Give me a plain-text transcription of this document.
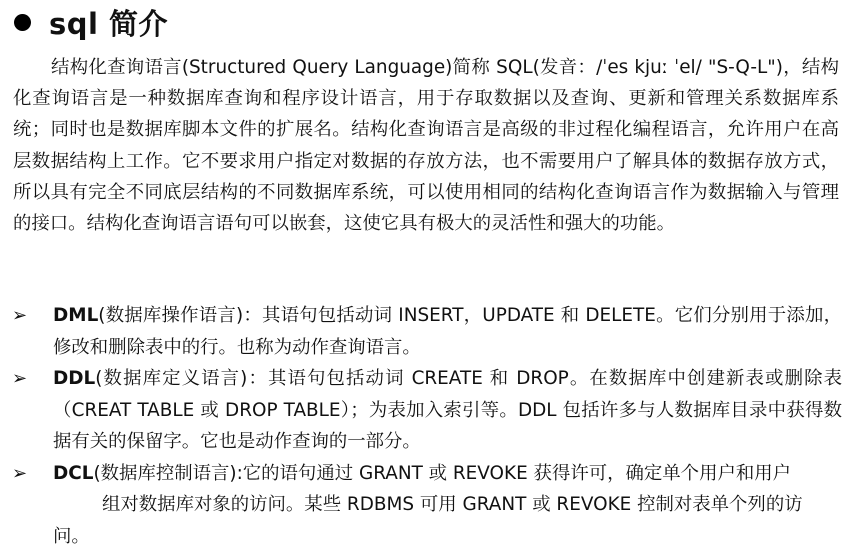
sql 简介

结构化查询语言(Structured Query Language)简称 SQL(发音：/ˈes kjuː ˈel/ "S-Q-L")，结构化查询语言是一种数据库查询和程序设计语言，用于存取数据以及查询、更新和管理关系数据库系统；同时也是数据库脚本文件的扩展名。结构化查询语言是高级的非过程化编程语言，允许用户在高层数据结构上工作。它不要求用户指定对数据的存放方法，也不需要用户了解具体的数据存放方式，所以具有完全不同底层结构的不同数据库系统，可以使用相同的结构化查询语言作为数据输入与管理的接口。结构化查询语言语句可以嵌套，这使它具有极大的灵活性和强大的功能。

➢ DML(数据库操作语言)：其语句包括动词 INSERT，UPDATE 和 DELETE。它们分别用于添加，修改和删除表中的行。也称为动作查询语言。
➢ DDL(数据库定义语言)：其语句包括动词 CREATE 和 DROP。在数据库中创建新表或删除表（CREAT TABLE 或 DROP TABLE）；为表加入索引等。DDL 包括许多与人数据库目录中获得数据有关的保留字。它也是动作查询的一部分。
➢ DCL(数据库控制语言):它的语句通过 GRANT 或 REVOKE 获得许可，确定单个用户和用户
组对数据库对象的访问。某些 RDBMS 可用 GRANT 或 REVOKE 控制对表单个列的访
问。
